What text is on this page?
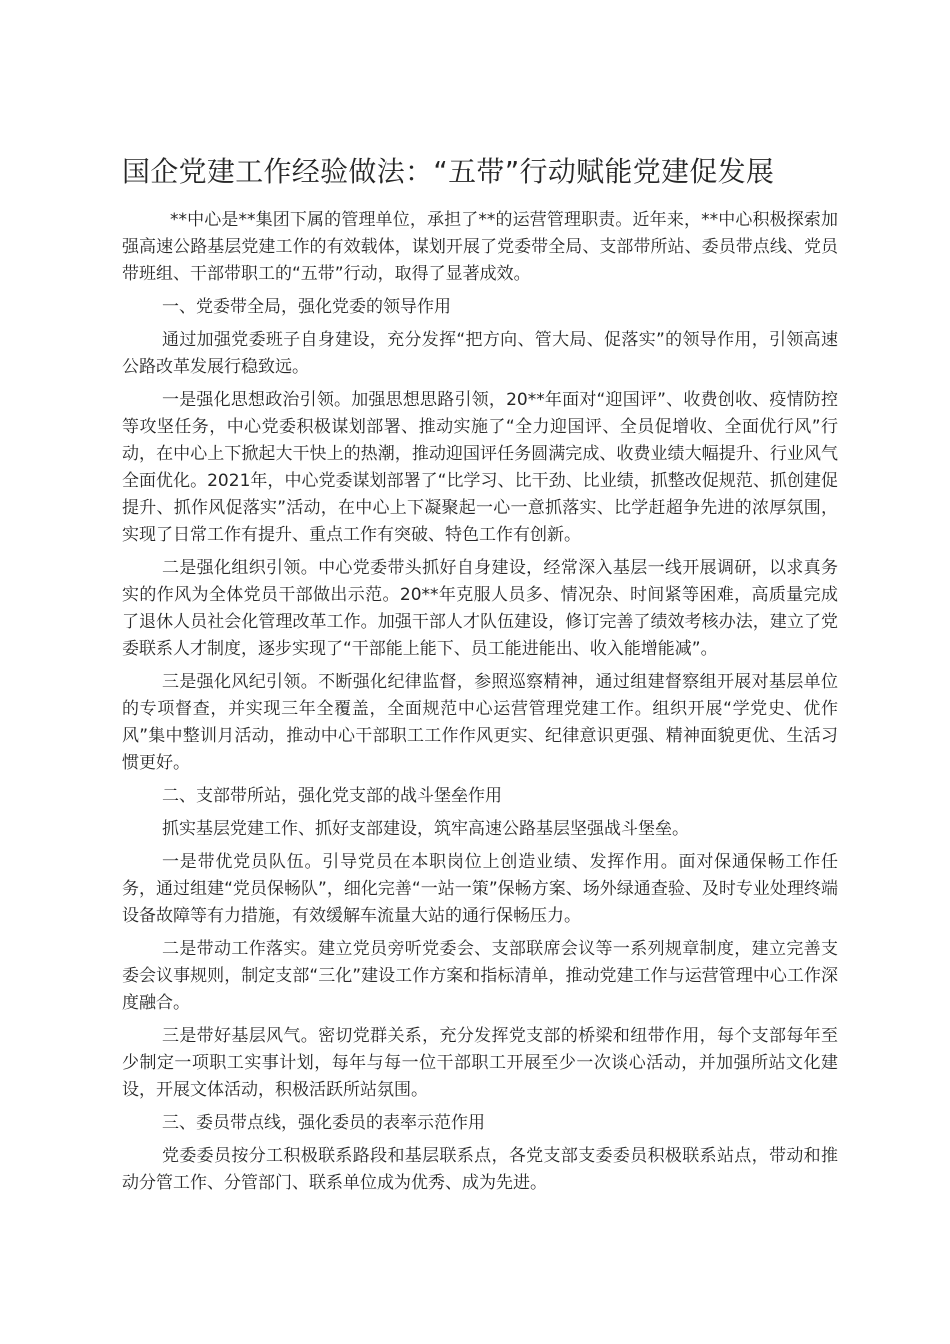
国企党建工作经验做法：“五带”行动赋能党建促发展

**中心是**集团下属的管理单位，承担了**的运营管理职责。近年来，**中心积极探索加强高速公路基层党建工作的有效载体，谋划开展了党委带全局、支部带所站、委员带点线、党员带班组、干部带职工的“五带”行动，取得了显著成效。

一、党委带全局，强化党委的领导作用

通过加强党委班子自身建设，充分发挥“把方向、管大局、促落实”的领导作用，引领高速公路改革发展行稳致远。

一是强化思想政治引领。加强思想思路引领，20**年面对“迎国评”、收费创收、疫情防控等攻坚任务，中心党委积极谋划部署、推动实施了“全力迎国评、全员促增收、全面优行风”行动，在中心上下掀起大干快上的热潮，推动迎国评任务圆满完成、收费业绩大幅提升、行业风气全面优化。2021年，中心党委谋划部署了“比学习、比干劲、比业绩，抓整改促规范、抓创建促提升、抓作风促落实”活动，在中心上下凝聚起一心一意抓落实、比学赶超争先进的浓厚氛围，实现了日常工作有提升、重点工作有突破、特色工作有创新。

二是强化组织引领。中心党委带头抓好自身建设，经常深入基层一线开展调研，以求真务实的作风为全体党员干部做出示范。20**年克服人员多、情况杂、时间紧等困难，高质量完成了退休人员社会化管理改革工作。加强干部人才队伍建设，修订完善了绩效考核办法，建立了党委联系人才制度，逐步实现了“干部能上能下、员工能进能出、收入能增能减”。

三是强化风纪引领。不断强化纪律监督，参照巡察精神，通过组建督察组开展对基层单位的专项督查，并实现三年全覆盖，全面规范中心运营管理党建工作。组织开展“学党史、优作风”集中整训月活动，推动中心干部职工工作作风更实、纪律意识更强、精神面貌更优、生活习惯更好。

二、支部带所站，强化党支部的战斗堡垒作用

抓实基层党建工作、抓好支部建设，筑牢高速公路基层坚强战斗堡垒。

一是带优党员队伍。引导党员在本职岗位上创造业绩、发挥作用。面对保通保畅工作任务，通过组建“党员保畅队”，细化完善“一站一策”保畅方案、场外绿通查验、及时专业处理终端设备故障等有力措施，有效缓解车流量大站的通行保畅压力。

二是带动工作落实。建立党员旁听党委会、支部联席会议等一系列规章制度，建立完善支委会议事规则，制定支部“三化”建设工作方案和指标清单，推动党建工作与运营管理中心工作深度融合。

三是带好基层风气。密切党群关系，充分发挥党支部的桥梁和纽带作用，每个支部每年至少制定一项职工实事计划，每年与每一位干部职工开展至少一次谈心活动，并加强所站文化建设，开展文体活动，积极活跃所站氛围。

三、委员带点线，强化委员的表率示范作用

党委委员按分工积极联系路段和基层联系点，各党支部支委委员积极联系站点，带动和推动分管工作、分管部门、联系单位成为优秀、成为先进。
